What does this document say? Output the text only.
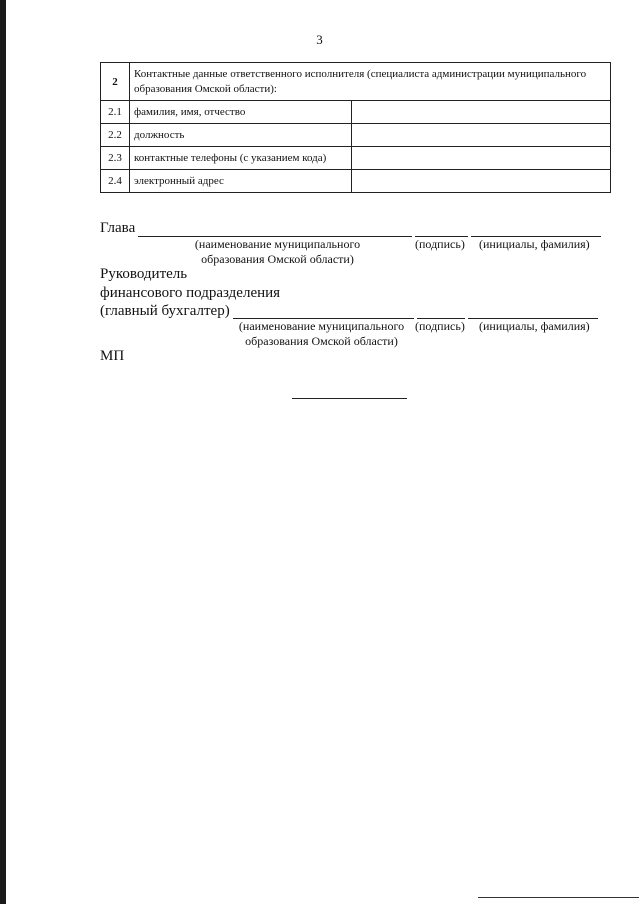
3
2	Контактные данные ответственного исполнителя (специалиста администрации муниципального образования Омской области):	
2.1	фамилия, имя, отчество	
2.2	должность	
2.3	контактные телефоны (с указанием кода)	
2.4	электронный адрес	
Глава
(наименование муниципального
образования Омской области)
(подпись) (инициалы, фамилия)
Руководитель
финансового подразделения
(главный бухгалтер)
(наименование муниципального
образования Омской области)
(подпись) (инициалы, фамилия)
МП
